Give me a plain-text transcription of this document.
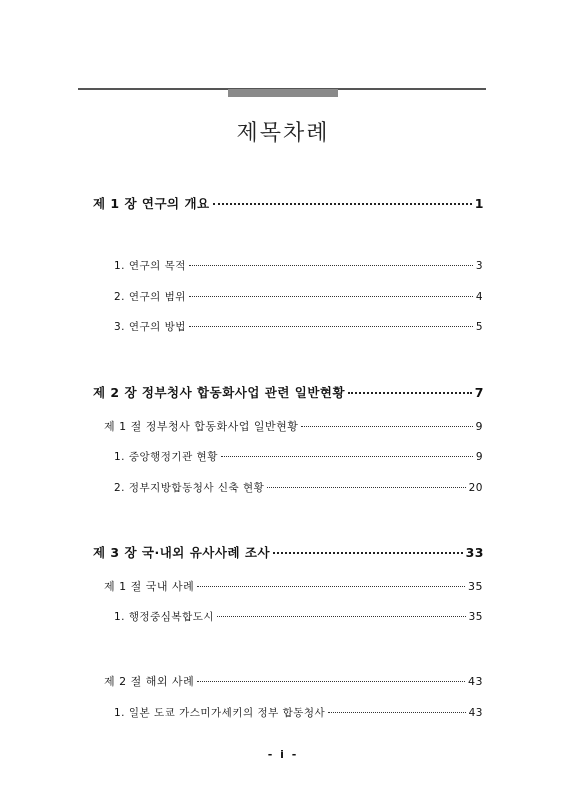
제목차례
제 1 장 연구의 개요	1
1. 연구의 목적	3
2. 연구의 범위	4
3. 연구의 방법	5
제 2 장 정부청사 합동화사업 관련 일반현황	7
제 1 절 정부청사 합동화사업 일반현황	9
1. 중앙행정기관 현황	9
2. 정부지방합동청사 신축 현황	20
제 3 장 국·내외 유사사례 조사	33
제 1 절 국내 사례	35
1. 행정중심복합도시	35
제 2 절 해외 사례	43
1. 일본 도쿄 가스미가세키의 정부 합동청사	43
- i -
